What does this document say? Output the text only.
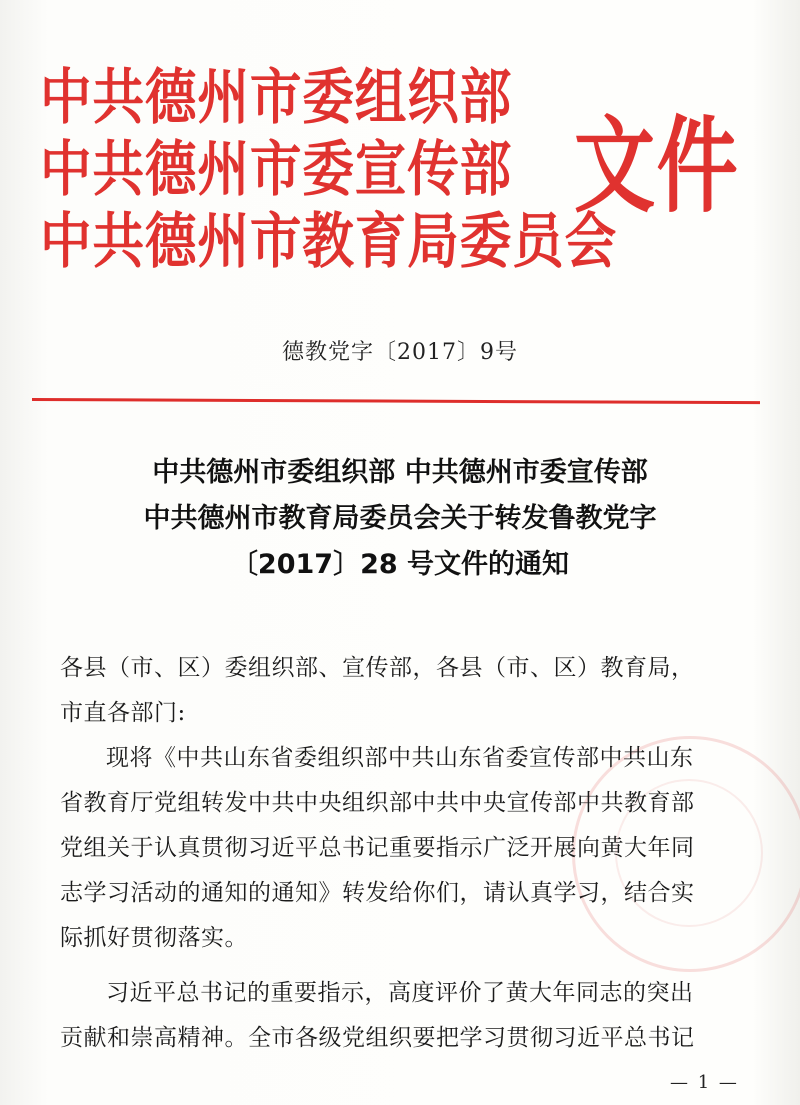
中共德州市委组织部
中共德州市委宣传部
中共德州市教育局委员会
文件
德教党字〔2017〕9号
中共德州市委组织部 中共德州市委宣传部
中共德州市教育局委员会关于转发鲁教党字
〔2017〕28 号文件的通知
各县（市、区）委组织部、宣传部，各县（市、区）教育局，
市直各部门:
现将《中共山东省委组织部中共山东省委宣传部中共山东
省教育厅党组转发中共中央组织部中共中央宣传部中共教育部
党组关于认真贯彻习近平总书记重要指示广泛开展向黄大年同
志学习活动的通知的通知》转发给你们，请认真学习，结合实
际抓好贯彻落实。
习近平总书记的重要指示，高度评价了黄大年同志的突出
贡献和崇高精神。全市各级党组织要把学习贯彻习近平总书记
— 1 —
